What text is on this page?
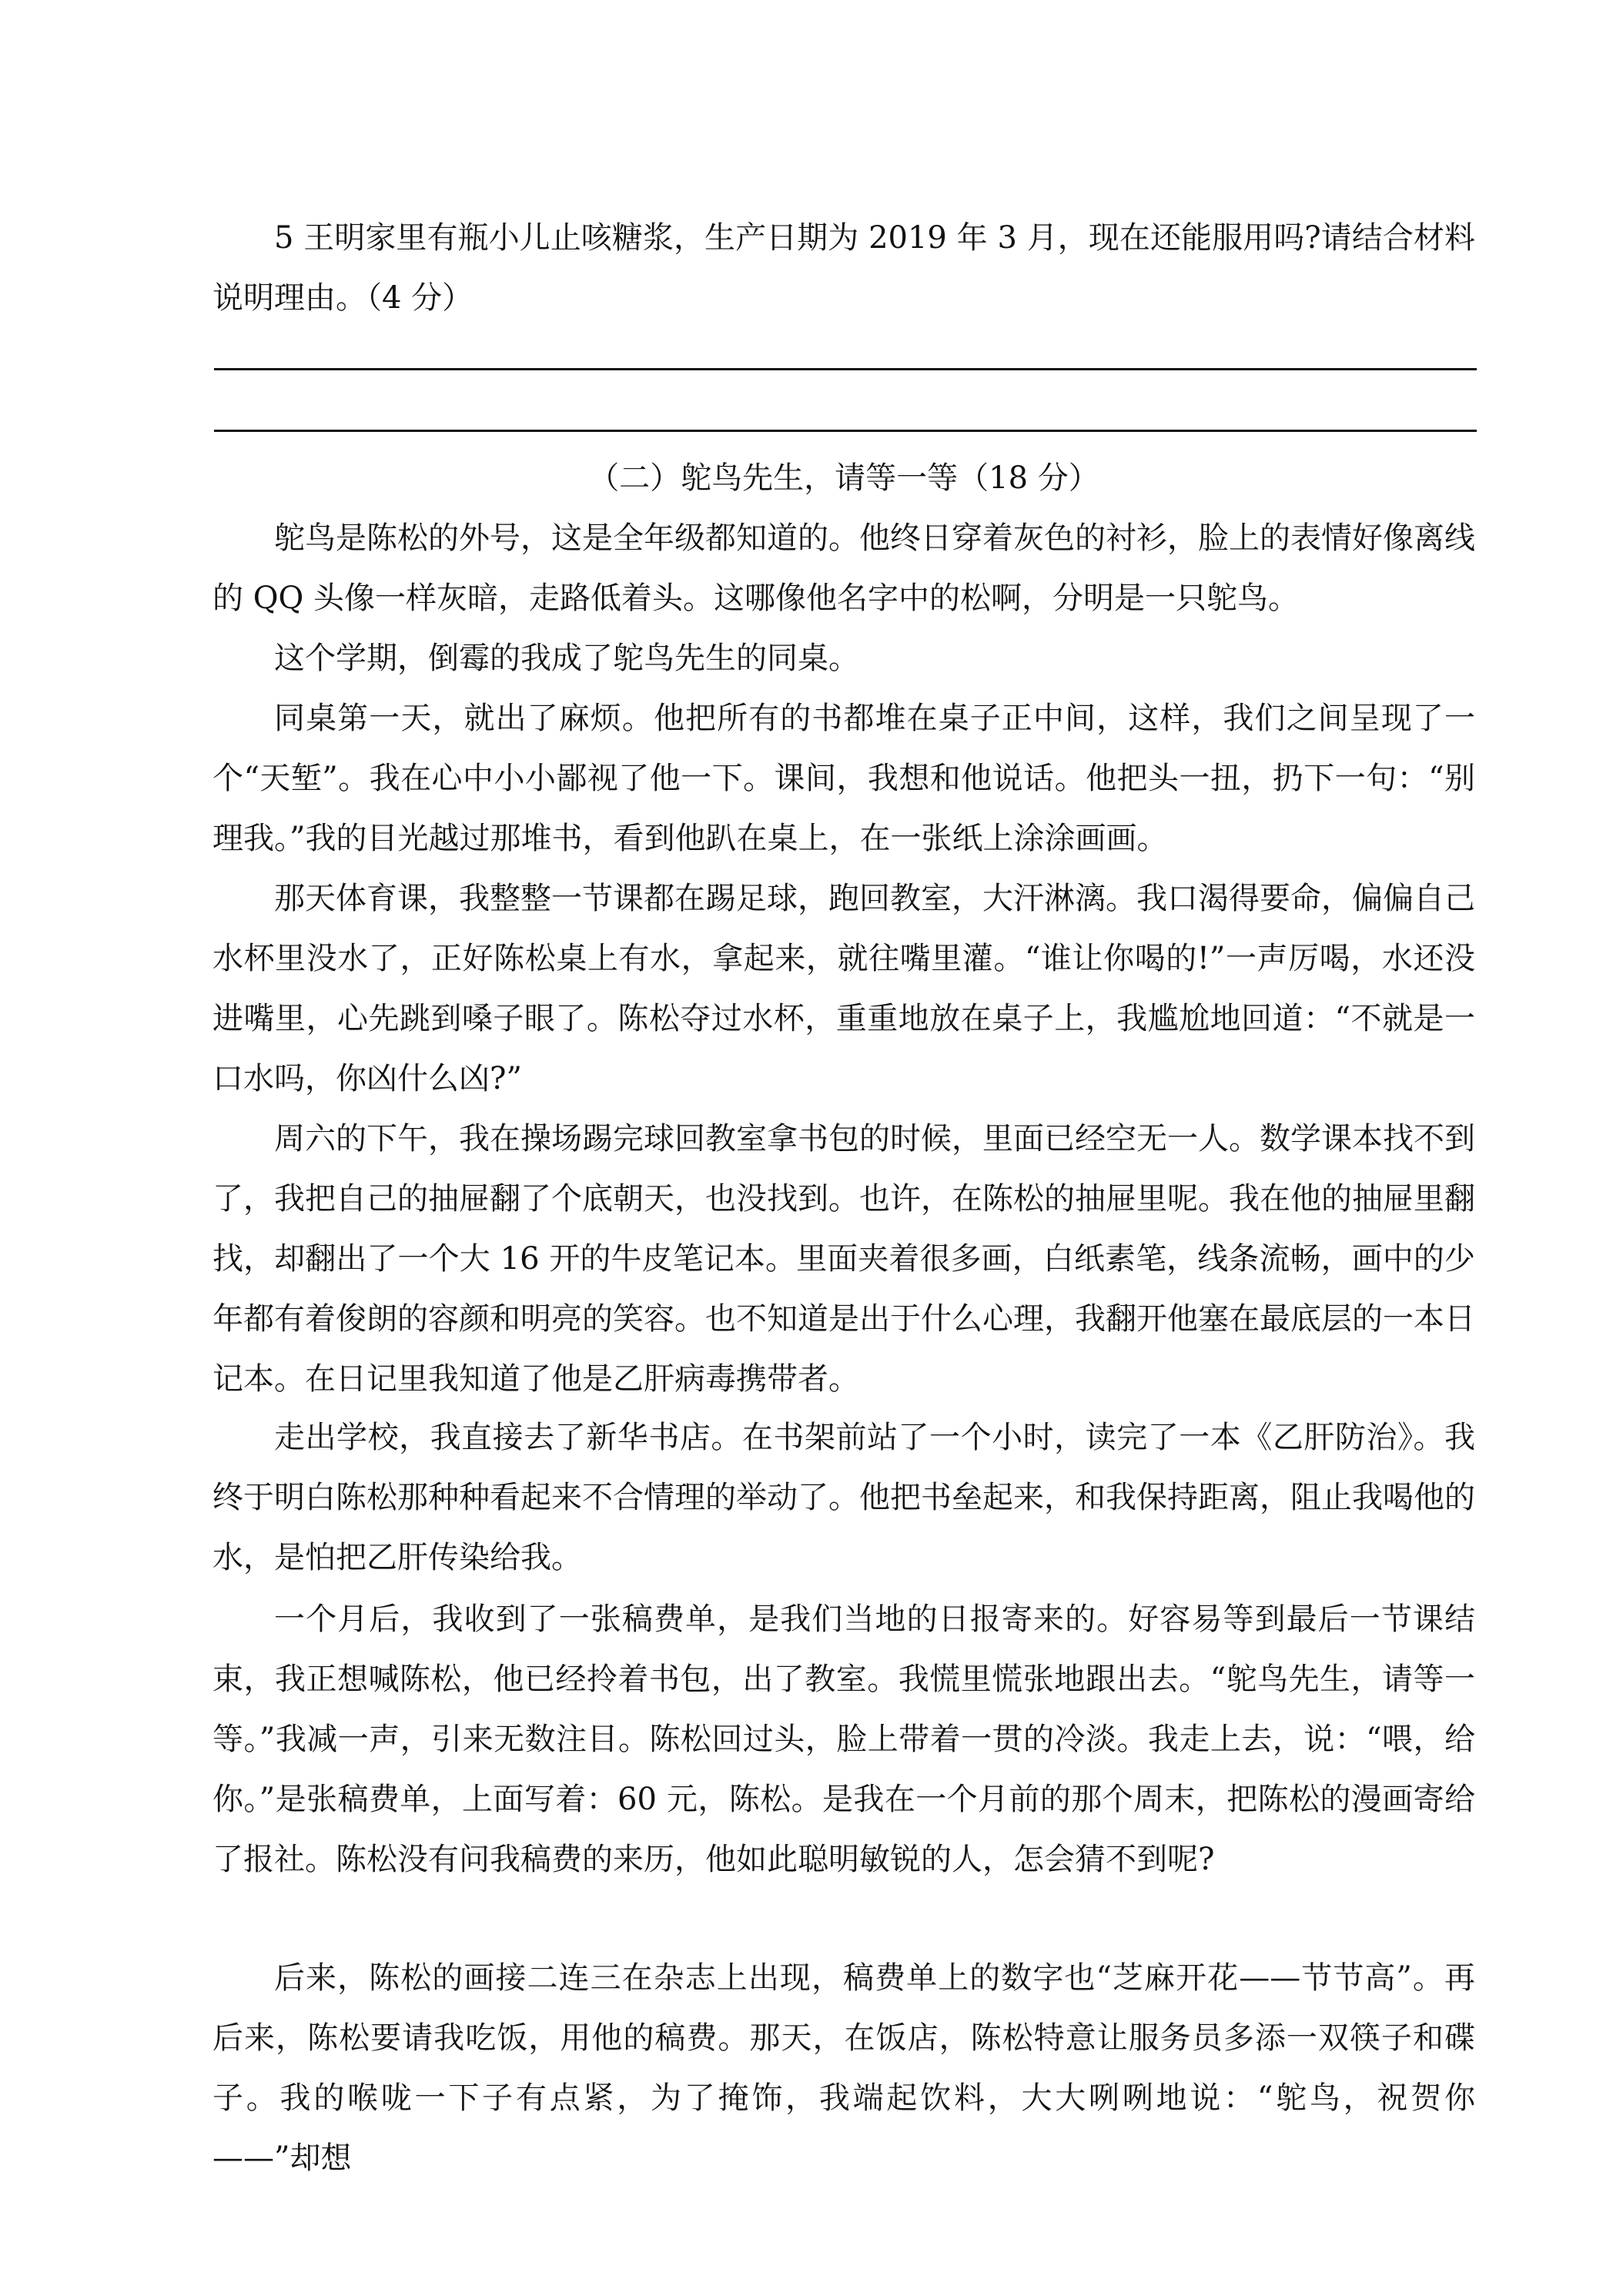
5 王明家里有瓶小儿止咳糖浆，生产日期为 2019 年 3 月，现在还能服用吗?请结合材料说明理由。（4 分）

（二）鸵鸟先生，请等一等（18 分）

鸵鸟是陈松的外号，这是全年级都知道的。他终日穿着灰色的衬衫，脸上的表情好像离线的 QQ 头像一样灰暗，走路低着头。这哪像他名字中的松啊，分明是一只鸵鸟。

这个学期，倒霉的我成了鸵鸟先生的同桌。

同桌第一天，就出了麻烦。他把所有的书都堆在桌子正中间，这样，我们之间呈现了一个“天堑”。我在心中小小鄙视了他一下。课间，我想和他说话。他把头一扭，扔下一句：“别理我。”我的目光越过那堆书，看到他趴在桌上，在一张纸上涂涂画画。

那天体育课，我整整一节课都在踢足球，跑回教室，大汗淋漓。我口渴得要命，偏偏自己水杯里没水了，正好陈松桌上有水，拿起来，就往嘴里灌。“谁让你喝的!”一声厉喝，水还没进嘴里，心先跳到嗓子眼了。陈松夺过水杯，重重地放在桌子上，我尴尬地回道：“不就是一口水吗，你凶什么凶?”

周六的下午，我在操场踢完球回教室拿书包的时候，里面已经空无一人。数学课本找不到了，我把自己的抽屉翻了个底朝天，也没找到。也许，在陈松的抽屉里呢。我在他的抽屉里翻找，却翻出了一个大 16 开的牛皮笔记本。里面夹着很多画，白纸素笔，线条流畅，画中的少年都有着俊朗的容颜和明亮的笑容。也不知道是出于什么心理，我翻开他塞在最底层的一本日记本。在日记里我知道了他是乙肝病毒携带者。

走出学校，我直接去了新华书店。在书架前站了一个小时，读完了一本《乙肝防治》。我终于明白陈松那种种看起来不合情理的举动了。他把书垒起来，和我保持距离，阻止我喝他的水，是怕把乙肝传染给我。

一个月后，我收到了一张稿费单，是我们当地的日报寄来的。好容易等到最后一节课结束，我正想喊陈松，他已经拎着书包，出了教室。我慌里慌张地跟出去。“鸵鸟先生，请等一等。”我减一声，引来无数注目。陈松回过头，脸上带着一贯的冷淡。我走上去，说：“喂，给你。”是张稿费单，上面写着：60 元，陈松。是我在一个月前的那个周末，把陈松的漫画寄给了报社。陈松没有问我稿费的来历，他如此聪明敏锐的人，怎会猜不到呢?

后来，陈松的画接二连三在杂志上出现，稿费单上的数字也“芝麻开花——节节高”。再后来，陈松要请我吃饭，用他的稿费。那天，在饭店，陈松特意让服务员多添一双筷子和碟子。我的喉咙一下子有点紧，为了掩饰，我端起饮料，大大咧咧地说：“鸵鸟，祝贺你——”却想
